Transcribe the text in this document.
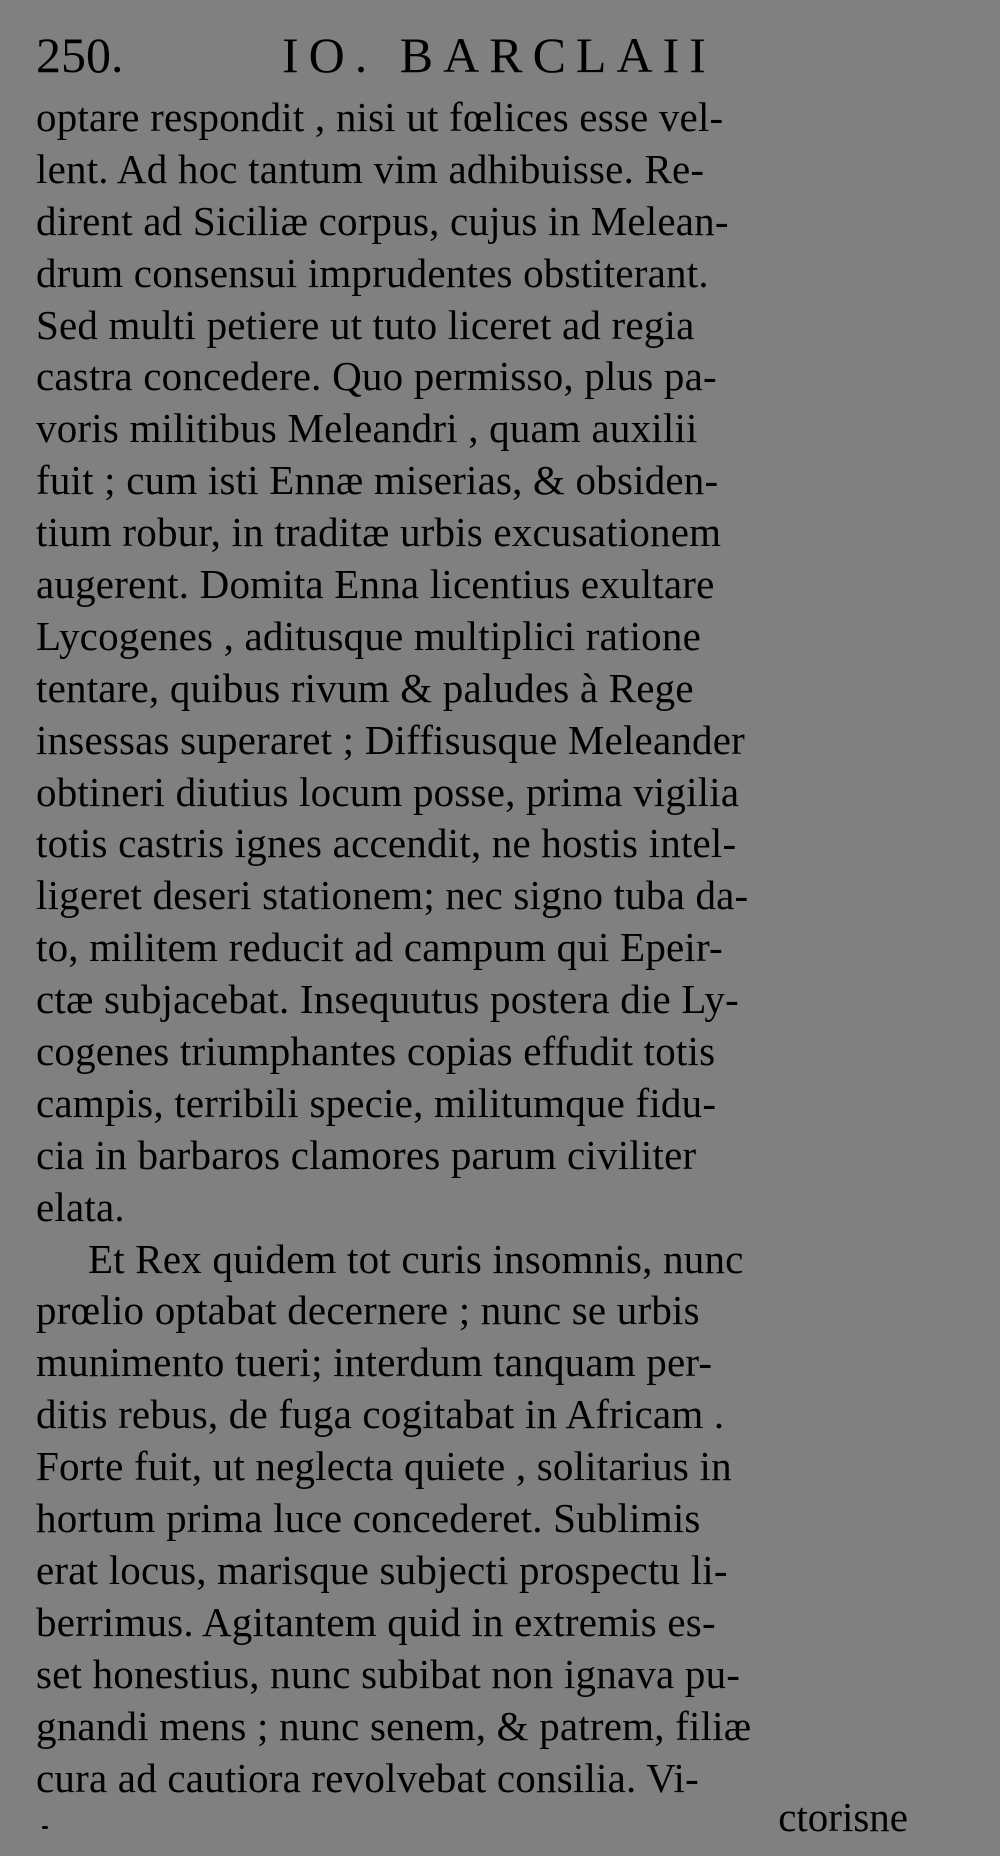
250.	IO. BARCLAII
optare respondit , nisi ut fœlices esse vel-
lent. Ad hoc tantum vim adhibuisse. Re-
dirent ad Siciliæ corpus, cujus in Melean-
drum consensui imprudentes obstiterant.
Sed multi petiere ut tuto liceret ad regia
castra concedere. Quo permisso, plus pa-
voris militibus Meleandri , quam auxilii
fuit ; cum isti Ennæ miserias, & obsiden-
tium robur, in traditæ urbis excusationem
augerent. Domita Enna licentius exultare
Lycogenes , aditusque multiplici ratione
tentare, quibus rivum & paludes à Rege
insessas superaret ; Diffisusque Meleander
obtineri diutius locum posse, prima vigilia
totis castris ignes accendit, ne hostis intel-
ligeret deseri stationem; nec signo tuba da-
to, militem reducit ad campum qui Epeir-
ctæ subjacebat. Insequutus postera die Ly-
cogenes triumphantes copias effudit totis
campis, terribili specie, militumque fidu-
cia in barbaros clamores parum civiliter
elata.
Et Rex quidem tot curis insomnis, nunc
prœlio optabat decernere ; nunc se urbis
munimento tueri; interdum tanquam per-
ditis rebus, de fuga cogitabat in Africam .
Forte fuit, ut neglecta quiete , solitarius in
hortum prima luce concederet. Sublimis
erat locus, marisque subjecti prospectu li-
berrimus. Agitantem quid in extremis es-
set honestius, nunc subibat non ignava pu-
gnandi mens ; nunc senem, & patrem, filiæ
cura ad cautiora revolvebat consilia. Vi-
ctorisne
